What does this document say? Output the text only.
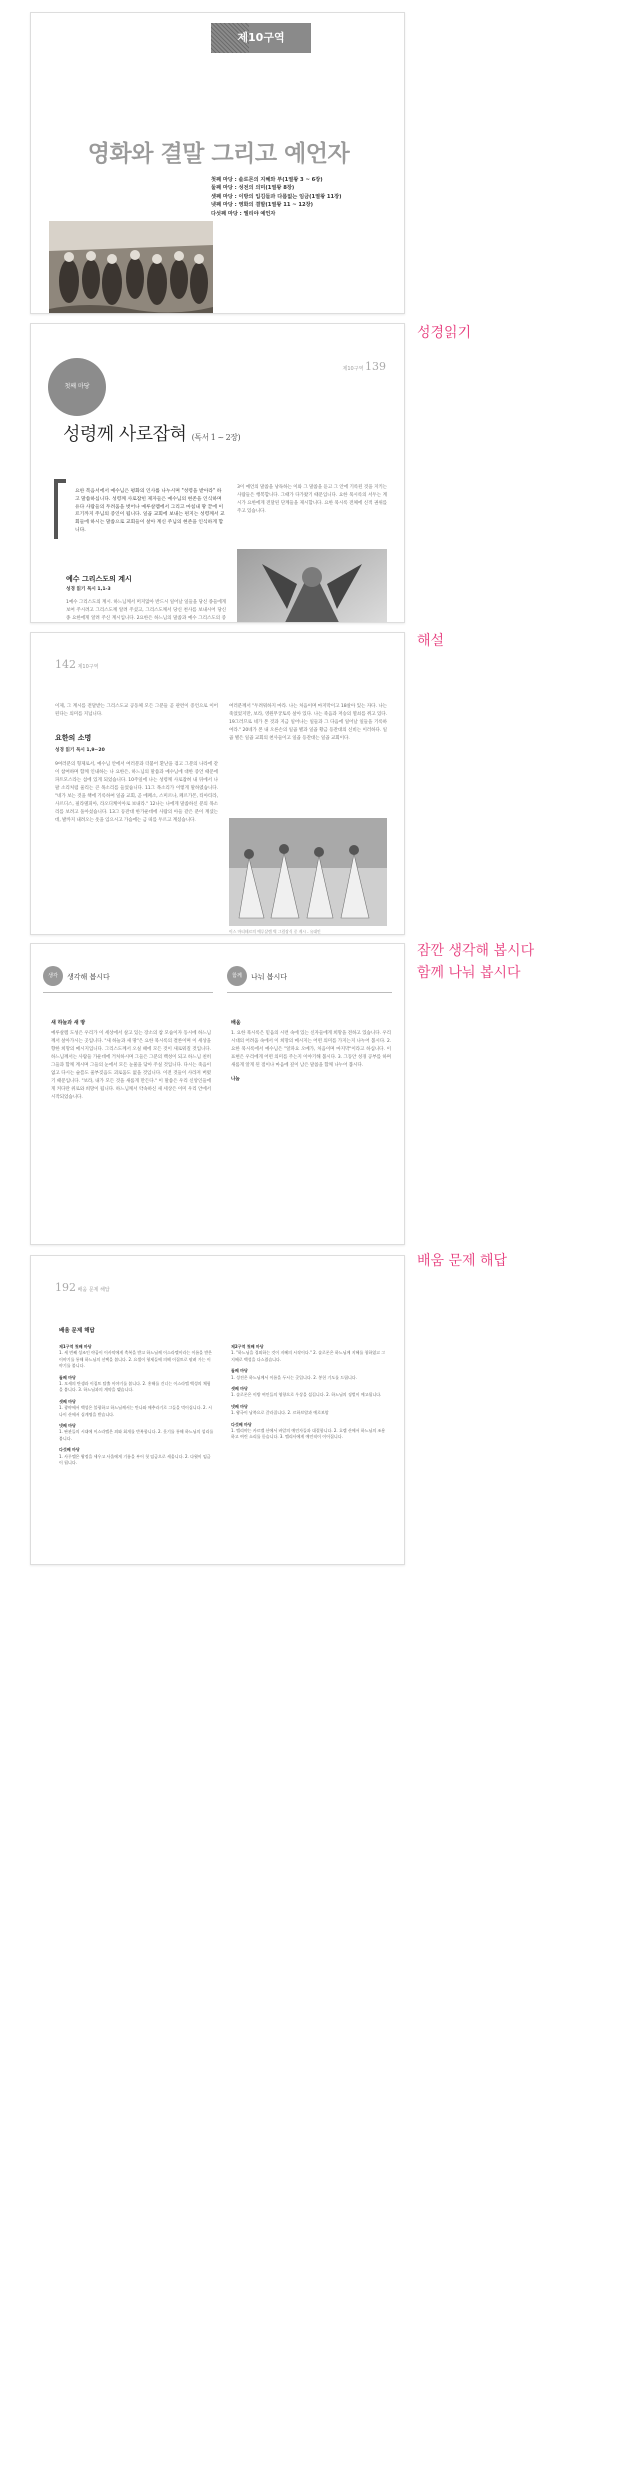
성경읽기
해설
잠깐 생각해 봅시다
함께 나눠 봅시다
배움 문제 해답
제10구역
영화와 결말 그리고 예언자
첫째 마당 : 솔로몬의 지혜와 부(1열왕 3 ~ 6장)
둘째 마당 : 성전의 의미(1열왕 8장)
셋째 마당 : 이방의 입김들과 다름없는 임금(1열왕 11장)
넷째 마당 : 영화의 결말(1열왕 11 ~ 12장)
다섯째 마당 : 엘리야 예언자
첫째 마당
제10구역 139
성령께 사로잡혀 (독서 1 ~ 2장)
요한 복음서에서 예수님은 평화의 인사를 나누시며 "성령을 받아라" 하고 말씀하십니다. 성령께 사로잡힌 제자들은 예수님의 현존을 인식하며 유다 사람들의 두려움을 벗어나 예루살렘에서 그리고 마침내 땅 끝에 이르기까지 주님의 증인이 됩니다. 일곱 교회에 보내는 편지는 성령께서 교회들에 하시는 말씀으로 교회들이 살아 계신 주님의 현존을 인식하게 합니다.
예수 그리스도의 계시
성경 읽기 묵시 1,1-3
1예수 그리스도의 계시. 하느님께서 머지않아 반드시 일어날 일들을 당신 종들에게 보여 주시려고 그리스도께 알려 주셨고, 그리스도께서 당신 천사를 보내시어 당신 종 요한에게 알려 주신 계시입니다. 2요한은 하느님의 말씀과 예수 그리스도의 증
3이 예언의 말씀을 낭독하는 이와 그 말씀을 듣고 그 안에 기록된 것을 지키는 사람들은 행복합니다. 그때가 다가왔기 때문입니다. 요한 묵시록의 서두는 계시가 요한에게 전달된 단계들을 제시합니다. 요한 묵시록 전체에 신적 권위를 주고 있습니다.
142 제10구역
이제, 그 계시를 전달받는 그리스도교 공동체 모든 그분들 곧 관련이 증언으로 이어 된다는 의미를 지닙니다.
요한의 소명
성경 읽기 묵시 1,9~20
9여러분의 형제로서, 예수님 안에서 여러분과 더불어 환난을 겪고 그분의 나라에 같이 참여하며 함께 인내하는 나 요한은, 하느님의 말씀과 예수님에 대한 증언 때문에 파트모스라는 섬에 있게 되었습니다. 10주일에 나는 성령께 사로잡혀 내 뒤에서 나팔 소리처럼 울리는 큰 목소리를 들었습니다. 11그 목소리가 이렇게 말하였습니다. "네가 보는 것을 책에 기록하여 일곱 교회, 곧 에페소, 스미르나, 페르가몬, 티아티라, 사르디스, 필라델피아, 라오디케이아로 보내라." 12나는 나에게 말씀하신 분의 목소리를 보려고 돌아섰습니다. 13그 등잔대 한가운데에 사람의 아들 같은 분이 계셨는데, 발까지 내려오는 옷을 입으시고 가슴에는 금 띠를 두르고 계셨습니다.
여러분께서 "두려워하지 마라. 나는 처음이며 마지막이고 18살아 있는 자다. 나는 죽었었지만, 보라, 영원무궁토록 살아 있다. 나는 죽음과 저승의 열쇠를 쥐고 있다. 19그러므로 네가 본 것과 지금 일어나는 일들과 그 다음에 일어날 일들을 기록하여라." 20네가 본 내 오른손의 일곱 별과 일곱 황금 등잔대의 신비는 이러하다. 일곱 별은 일곱 교회의 천사들이고 일곱 등잔대는 일곱 교회이다.
이스 마티테르의 예루살렘 벽 그림장식 중 게시 - 유대인
생각	생각해 봅시다	함께	나눠 봅시다
새 하늘과 새 땅	배움
예루살렘 도성은 우리가 이 세상에서 살고 있는 장소의 참 모습이자 동시에 하느님께서 살아가시는 곳입니다. "새 하늘과 새 땅"은 요한 묵시록의 결론이며 이 세상을 향한 희망의 메시지입니다. 그리스도께서 오실 때에 모든 것이 새로워질 것입니다. 하느님께서는 사람들 가운데에 거처하시며 그들은 그분의 백성이 되고 하느님 친히 그들과 함께 계시며 그들의 눈에서 모든 눈물을 닦아 주실 것입니다. 다시는 죽음이 없고 다시는 슬픔도 울부짖음도 괴로움도 없을 것입니다. 이전 것들이 사라져 버렸기 때문입니다. "보라, 내가 모든 것을 새롭게 만든다." 이 말씀은 우리 신앙인들에게 커다란 위로와 희망이 됩니다. 하느님께서 약속하신 새 세상은 이미 우리 안에서 시작되었습니다.

1. 요한 묵시록은 믿음의 시련 속에 있는 신자들에게 희망을 전하고 있습니다. 우리 시대의 어려움 속에서 이 희망의 메시지는 어떤 의미를 가지는지 나누어 봅시다. 2. 요한 묵시록에서 예수님은 "알파요 오메가, 처음이며 마지막"이라고 하십니다. 이 표현은 우리에게 어떤 의미를 주는지 이야기해 봅시다. 3. 그동안 성경 공부를 하며 새롭게 알게 된 점이나 마음에 깊이 남은 말씀을 함께 나누어 봅시다.

나눔

192 배움 문제 해답
배움 문제 해답
제1구역 첫째 마당
1. 세 번째 성조인 야곱이 이사악에게 축복을 받고 하느님께 이스라엘이라는 이름을 받은 이야기를 통해 하느님의 선택을 봅니다. 2. 요셉이 형제들에 의해 이집트로 팔려 가는 이야기를 봅니다.
둘째 마당
1. 모세의 탄생과 이집트 탈출 이야기를 봅니다. 2. 홍해를 건너는 이스라엘 백성의 체험을 봅니다. 3. 하느님과의 계약을 맺습니다.
셋째 마당
1. 광야에서 백성은 불평하고 하느님께서는 만나와 메추라기로 그들을 먹이십니다. 2. 시나이 산에서 십계명을 받습니다.
넷째 마당
1. 판관들의 시대에 이스라엘은 죄와 회개를 반복합니다. 2. 룻기를 통해 하느님의 섭리를 봅니다.
다섯째 마당
1. 사무엘은 왕정을 세우고 사울에게 기름을 부어 첫 임금으로 세웁니다. 2. 다윗이 임금이 됩니다.
제2구역 첫째 마당
1. "하느님을 경외하는 것이 지혜의 시작이다." 2. 솔로몬은 하느님께 지혜를 청하였고 그 지혜로 백성을 다스렸습니다.
둘째 마당
1. 성전은 하느님께서 이름을 두시는 곳입니다. 2. 봉헌 기도를 드립니다.
셋째 마당
1. 솔로몬은 이방 여인들의 영향으로 우상을 섬깁니다. 2. 하느님의 징벌이 예고됩니다.
넷째 마당
1. 왕국이 남북으로 갈라집니다. 2. 르하브암과 예로보암
다섯째 마당
1. 엘리야는 카르멜 산에서 바알의 예언자들과 대결합니다. 2. 호렙 산에서 하느님의 조용하고 여린 소리를 듣습니다. 3. 엘리사에게 예언직이 이어집니다.
